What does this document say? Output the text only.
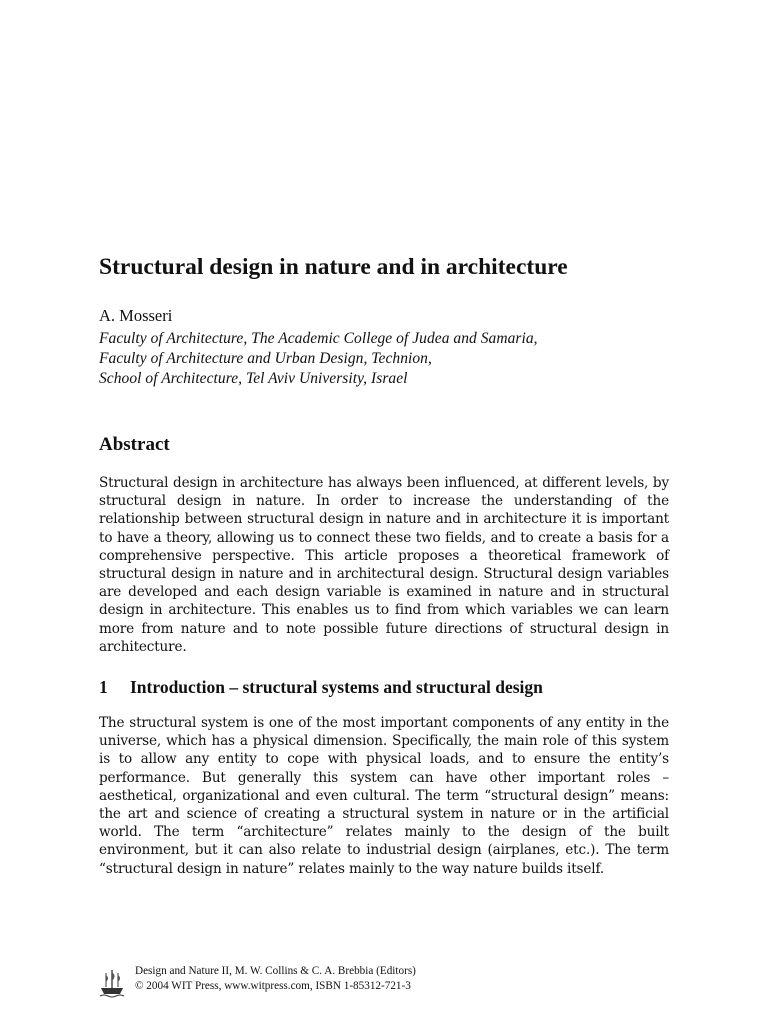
Structural design in nature and in architecture
A. Mosseri
Faculty of Architecture, The Academic College of Judea and Samaria,
Faculty of Architecture and Urban Design, Technion,
School of Architecture, Tel Aviv University, Israel
Abstract

Structural design in architecture has always been influenced, at different levels, by structural design in nature. In order to increase the understanding of the relationship between structural design in nature and in architecture it is important to have a theory, allowing us to connect these two fields, and to create a basis for a comprehensive perspective. This article proposes a theoretical framework of structural design in nature and in architectural design. Structural design variables are developed and each design variable is examined in nature and in structural design in architecture. This enables us to find from which variables we can learn more from nature and to note possible future directions of structural design in architecture.

1 Introduction – structural systems and structural design

The structural system is one of the most important components of any entity in the universe, which has a physical dimension. Specifically, the main role of this system is to allow any entity to cope with physical loads, and to ensure the entity’s performance. But generally this system can have other important roles – aesthetical, organizational and even cultural. The term “structural design” means: the art and science of creating a structural system in nature or in the artificial world. The term “architecture” relates mainly to the design of the built environment, but it can also relate to industrial design (airplanes, etc.). The term “structural design in nature” relates mainly to the way nature builds itself.

Design and Nature II, M. W. Collins & C. A. Brebbia (Editors)
© 2004 WIT Press, www.witpress.com, ISBN 1-85312-721-3
